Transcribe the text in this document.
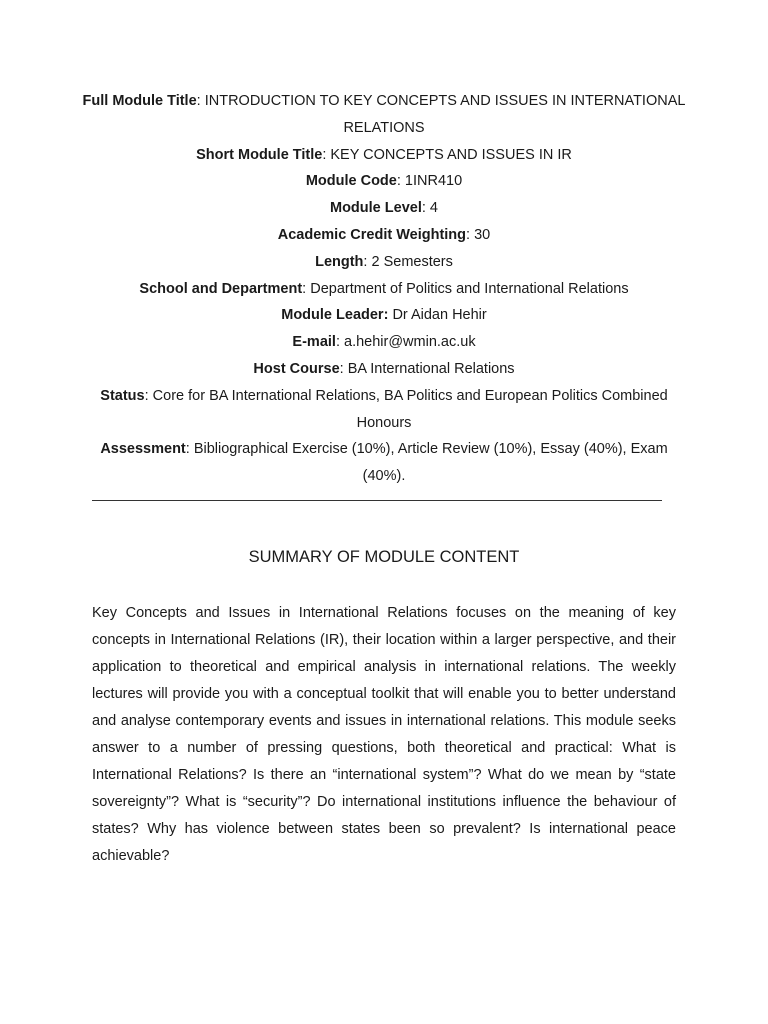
Full Module Title: INTRODUCTION TO KEY CONCEPTS AND ISSUES IN INTERNATIONAL RELATIONS

Short Module Title: KEY CONCEPTS AND ISSUES IN IR

Module Code: 1INR410

Module Level: 4

Academic Credit Weighting: 30

Length: 2 Semesters

School and Department: Department of Politics and International Relations

Module Leader: Dr Aidan Hehir

E-mail: a.hehir@wmin.ac.uk

Host Course: BA International Relations

Status: Core for BA International Relations, BA Politics and European Politics Combined Honours

Assessment: Bibliographical Exercise (10%), Article Review (10%), Essay (40%), Exam (40%).

SUMMARY OF MODULE CONTENT

Key Concepts and Issues in International Relations focuses on the meaning of key concepts in International Relations (IR), their location within a larger perspective, and their application to theoretical and empirical analysis in international relations. The weekly lectures will provide you with a conceptual toolkit that will enable you to better understand and analyse contemporary events and issues in international relations. This module seeks answer to a number of pressing questions, both theoretical and practical: What is International Relations? Is there an “international system”? What do we mean by “state sovereignty”? What is “security”? Do international institutions influence the behaviour of states? Why has violence between states been so prevalent? Is international peace achievable?
